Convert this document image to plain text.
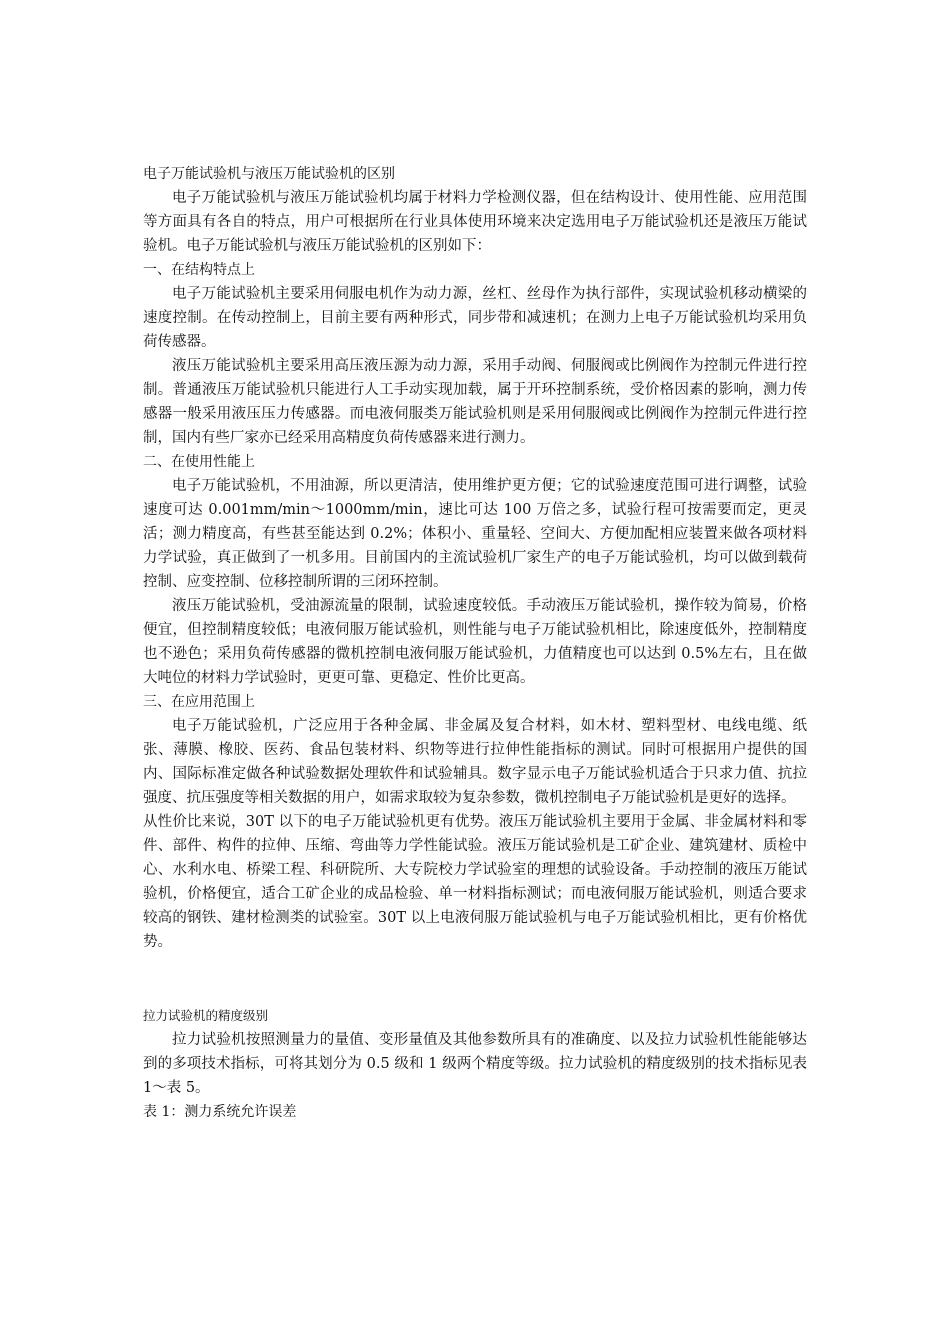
电子万能试验机与液压万能试验机的区别

电子万能试验机与液压万能试验机均属于材料力学检测仪器，但在结构设计、使用性能、应用范围等方面具有各自的特点，用户可根据所在行业具体使用环境来决定选用电子万能试验机还是液压万能试验机。电子万能试验机与液压万能试验机的区别如下：

一、在结构特点上

电子万能试验机主要采用伺服电机作为动力源，丝杠、丝母作为执行部件，实现试验机移动横梁的速度控制。在传动控制上，目前主要有两种形式，同步带和减速机；在测力上电子万能试验机均采用负荷传感器。

液压万能试验机主要采用高压液压源为动力源，采用手动阀、伺服阀或比例阀作为控制元件进行控制。普通液压万能试验机只能进行人工手动实现加载，属于开环控制系统，受价格因素的影响，测力传感器一般采用液压压力传感器。而电液伺服类万能试验机则是采用伺服阀或比例阀作为控制元件进行控制，国内有些厂家亦已经采用高精度负荷传感器来进行测力。

二、在使用性能上

电子万能试验机，不用油源，所以更清洁，使用维护更方便；它的试验速度范围可进行调整，试验速度可达 0.001mm/min～1000mm/min，速比可达 100 万倍之多，试验行程可按需要而定，更灵活；测力精度高，有些甚至能达到 0.2%；体积小、重量轻、空间大、方便加配相应装置来做各项材料力学试验，真正做到了一机多用。目前国内的主流试验机厂家生产的电子万能试验机，均可以做到载荷控制、应变控制、位移控制所谓的三闭环控制。

液压万能试验机，受油源流量的限制，试验速度较低。手动液压万能试验机，操作较为简易，价格便宜，但控制精度较低；电液伺服万能试验机，则性能与电子万能试验机相比，除速度低外，控制精度也不逊色；采用负荷传感器的微机控制电液伺服万能试验机，力值精度也可以达到 0.5%左右，且在做大吨位的材料力学试验时，更更可靠、更稳定、性价比更高。

三、在应用范围上

电子万能试验机，广泛应用于各种金属、非金属及复合材料，如木材、塑料型材、电线电缆、纸张、薄膜、橡胶、医药、食品包装材料、织物等进行拉伸性能指标的测试。同时可根据用户提供的国内、国际标准定做各种试验数据处理软件和试验辅具。数字显示电子万能试验机适合于只求力值、抗拉强度、抗压强度等相关数据的用户，如需求取较为复杂参数，微机控制电子万能试验机是更好的选择。

从性价比来说，30T 以下的电子万能试验机更有优势。液压万能试验机主要用于金属、非金属材料和零件、部件、构件的拉伸、压缩、弯曲等力学性能试验。液压万能试验机是工矿企业、建筑建材、质检中心、水利水电、桥梁工程、科研院所、大专院校力学试验室的理想的试验设备。手动控制的液压万能试验机，价格便宜，适合工矿企业的成品检验、单一材料指标测试；而电液伺服万能试验机，则适合要求较高的钢铁、建材检测类的试验室。30T 以上电液伺服万能试验机与电子万能试验机相比，更有价格优势。

拉力试验机的精度级别

拉力试验机按照测量力的量值、变形量值及其他参数所具有的准确度、以及拉力试验机性能能够达到的多项技术指标，可将其划分为 0.5 级和 1 级两个精度等级。拉力试验机的精度级别的技术指标见表 1～表 5。

表 1：测力系统允许误差
